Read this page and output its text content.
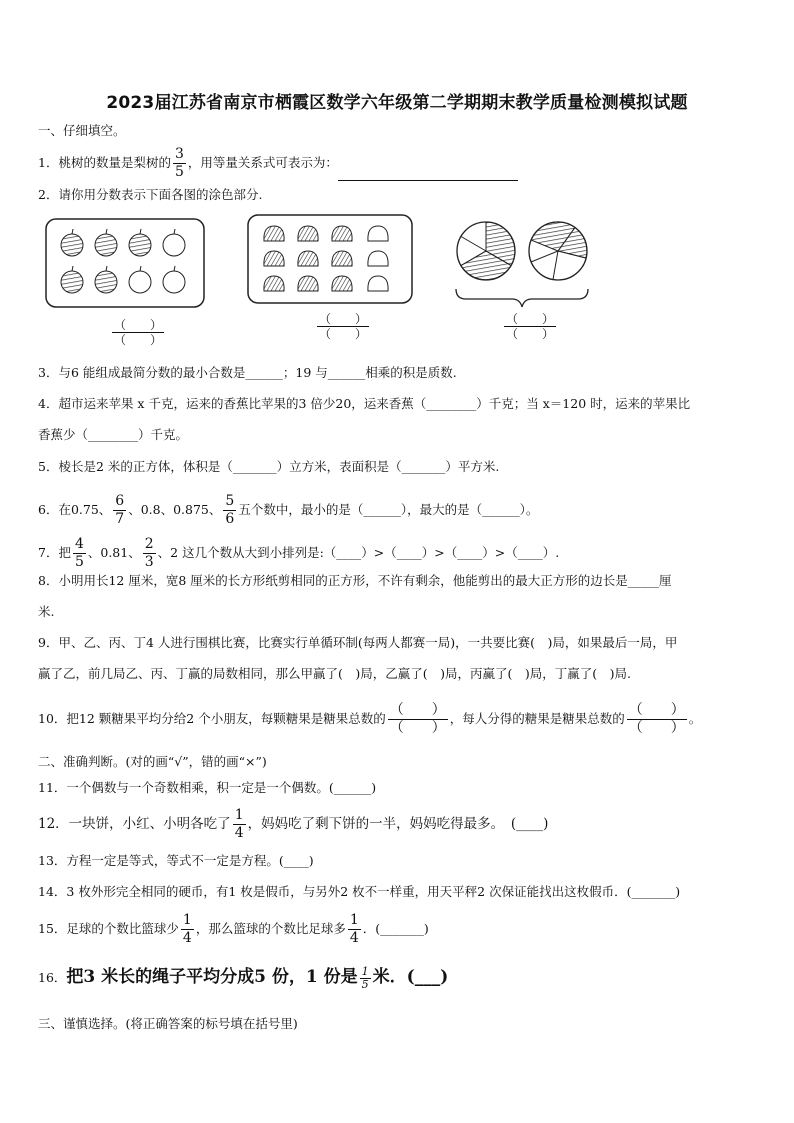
2023届江苏省南京市栖霞区数学六年级第二学期期末教学质量检测模拟试题
一、仔细填空。
1．桃树的数量是梨树的 $\frac{3}{5}$ ，用等量关系式可表示为：
2．请你用分数表示下面各图的涂色部分.
$\frac{( )}{( )}$	$\frac{( )}{( )}$	$\frac{( )}{( )}$
3．与6 能组成最简分数的最小合数是______；19 与______相乘的积是质数.
4．超市运来苹果 x 千克，运来的香蕉比苹果的3 倍少20，运来香蕉（________）千克；当 x＝120 时，运来的苹果比
香蕉少（________）千克。
5．棱长是2 米的正方体，体积是（_______）立方米，表面积是（_______）平方米.
6．在0.75、 $\frac{6}{7}$ 、0.8、0.875、 $\frac{5}{6}$ 五个数中，最小的是（______），最大的是（______）。
7．把 $\frac{4}{5}$ 、0.81、 $\frac{2}{3}$ 、2 这几个数从大到小排列是:（____）>（____）>（____）>（____）.
8．小明用长12 厘米，宽8 厘米的长方形纸剪相同的正方形，不许有剩余，他能剪出的最大正方形的边长是_____厘
米.
9．甲、乙、丙、丁4 人进行围棋比赛，比赛实行单循环制(每两人都赛一局)，一共要比赛(　)局，如果最后一局，甲
赢了乙，前几局乙、丙、丁赢的局数相同，那么甲赢了(　)局，乙赢了(　)局，丙赢了(　)局，丁赢了(　)局.
10．把12 颗糖果平均分给2 个小朋友，每颗糖果是糖果总数的 $\frac{( )}{( )}$ ，每人分得的糖果是糖果总数的 $\frac{( )}{( )}$ 。
二、准确判断。(对的画“√”，错的画“×”)
11．一个偶数与一个奇数相乘，积一定是一个偶数。(______)
12．一块饼，小红、小明各吃了 $\frac{1}{4}$ ，妈妈吃了剩下饼的一半，妈妈吃得最多。　(____)
13．方程一定是等式，等式不一定是方程。(____)
14．3 枚外形完全相同的硬币，有1 枚是假币，与另外2 枚不一样重，用天平秤2 次保证能找出这枚假币．(_______)
15．足球的个数比篮球少 $\frac{1}{4}$ ，那么篮球的个数比足球多 $\frac{1}{4}$ ．(_______)
16．把3 米长的绳子平均分成5 份，1 份是 $\frac{1}{5}$ 米．(___)
三、谨慎选择。(将正确答案的标号填在括号里)
